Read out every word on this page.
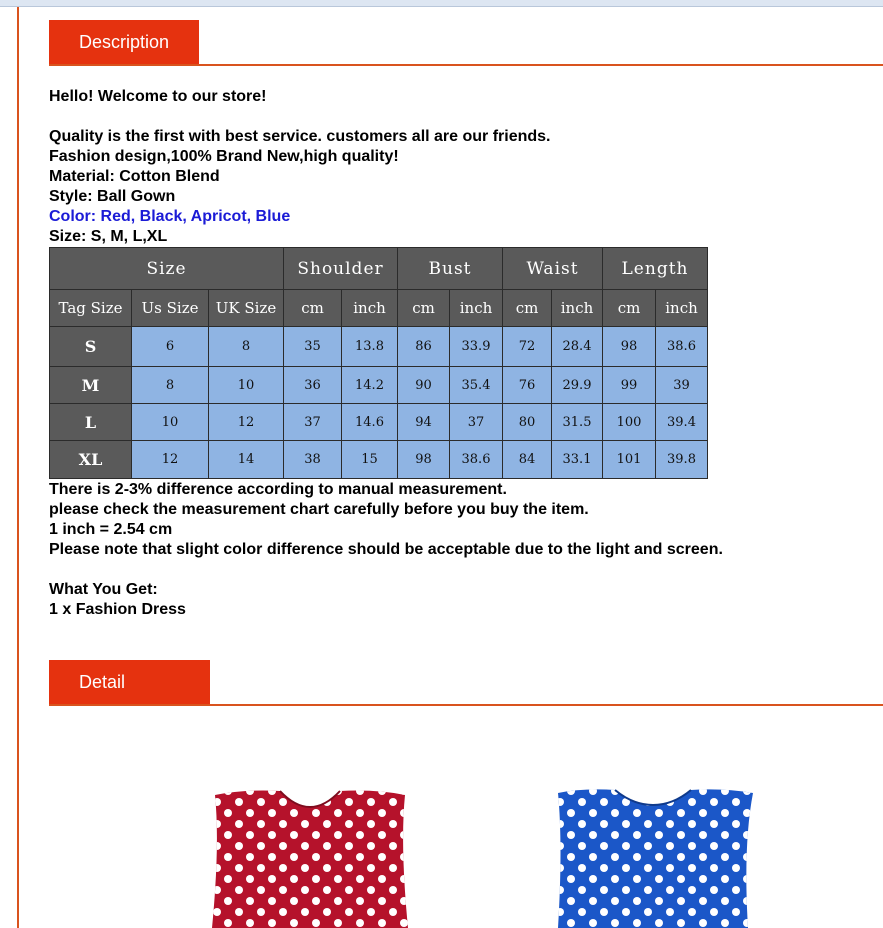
Description
Hello! Welcome to our store!
Quality is the first with best service. customers all are our friends.
Fashion design,100% Brand New,high quality!
Material: Cotton Blend
Style: Ball Gown
Color: Red, Black, Apricot, Blue
Size: S, M, L,XL
Size			Shoulder		Bust		Waist		Length	
Tag Size	Us Size	UK Size	cm	inch	cm	inch	cm	inch	cm	inch
S	6	8	35	13.8	86	33.9	72	28.4	98	38.6
M	8	10	36	14.2	90	35.4	76	29.9	99	39
L	10	12	37	14.6	94	37	80	31.5	100	39.4
XL	12	14	38	15	98	38.6	84	33.1	101	39.8
There is 2-3% difference according to manual measurement.
please check the measurement chart carefully before you buy the item.
1 inch = 2.54 cm
Please note that slight color difference should be acceptable due to the light and screen.
What You Get:
1 x Fashion Dress
Detail Image
